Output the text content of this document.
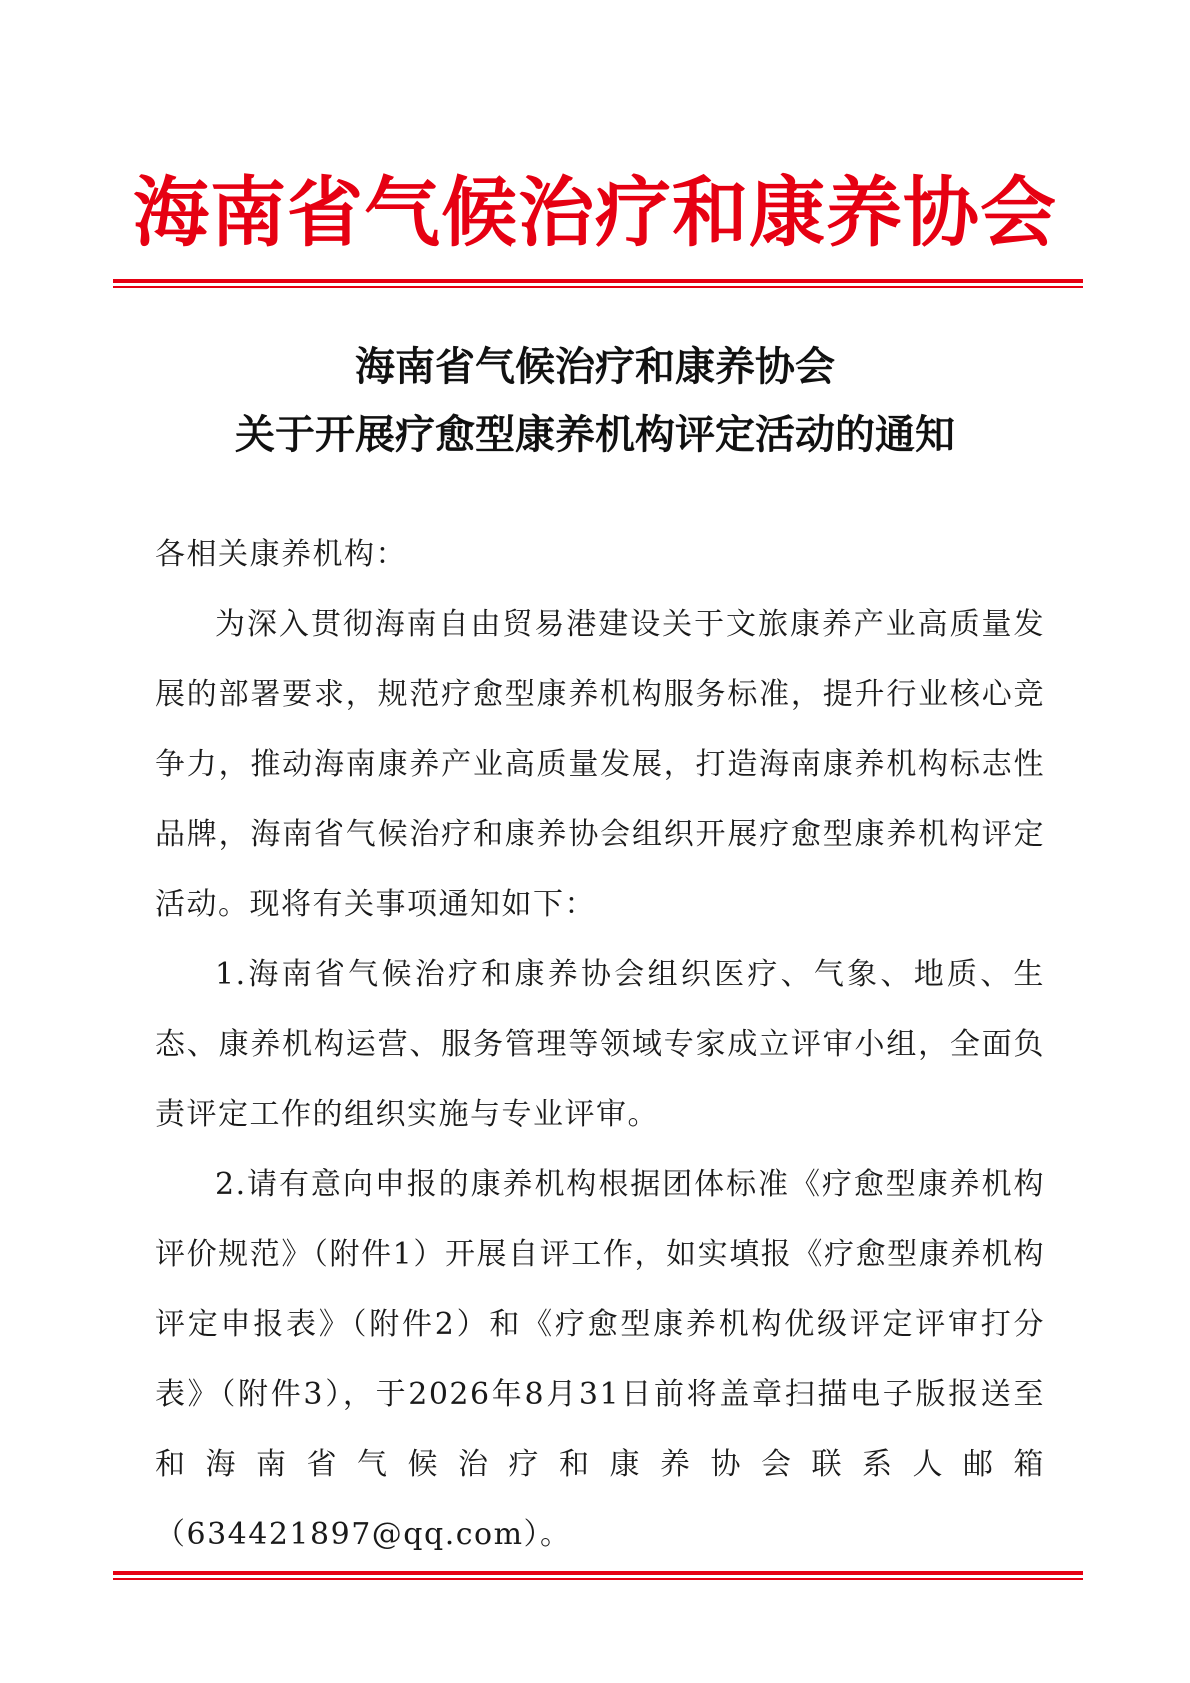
海南省气候治疗和康养协会
海南省气候治疗和康养协会
关于开展疗愈型康养机构评定活动的通知

各相关康养机构：

为深入贯彻海南自由贸易港建设关于文旅康养产业高质量发展的部署要求，规范疗愈型康养机构服务标准，提升行业核心竞争力，推动海南康养产业高质量发展，打造海南康养机构标志性品牌，海南省气候治疗和康养协会组织开展疗愈型康养机构评定活动。现将有关事项通知如下：

1.海南省气候治疗和康养协会组织医疗、气象、地质、生态、康养机构运营、服务管理等领域专家成立评审小组，全面负责评定工作的组织实施与专业评审。

2.请有意向申报的康养机构根据团体标准《疗愈型康养机构评价规范》（附件1）开展自评工作，如实填报《疗愈型康养机构评定申报表》（附件2）和《疗愈型康养机构优级评定评审打分表》（附件3），于2026年8月31日前将盖章扫描电子版报送至和海南省气候治疗和康养协会联系人邮箱（634421897@qq.com）。
